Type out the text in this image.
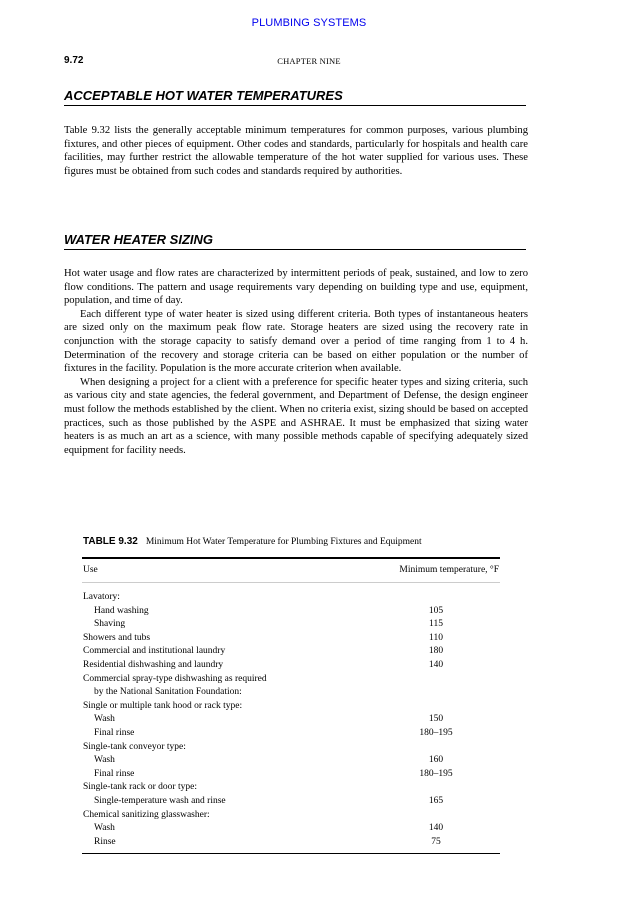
PLUMBING SYSTEMS
9.72	CHAPTER NINE
ACCEPTABLE HOT WATER TEMPERATURES

Table 9.32 lists the generally acceptable minimum temperatures for common purposes, various plumbing fixtures, and other pieces of equipment. Other codes and standards, particularly for hospitals and health care facilities, may further restrict the allowable temperature of the hot water supplied for various uses. These figures must be obtained from such codes and standards required by authorities.

WATER HEATER SIZING

Hot water usage and flow rates are characterized by intermittent periods of peak, sustained, and low to zero flow conditions. The pattern and usage requirements vary depending on building type and use, equipment, population, and time of day.

Each different type of water heater is sized using different criteria. Both types of instantaneous heaters are sized only on the maximum peak flow rate. Storage heaters are sized using the recovery rate in conjunction with the storage capacity to satisfy demand over a period of time ranging from 1 to 4 h. Determination of the recovery and storage criteria can be based on either population or the number of fixtures in the facility. Population is the more accurate criterion when available.

When designing a project for a client with a preference for specific heater types and sizing criteria, such as various city and state agencies, the federal government, and Department of Defense, the design engineer must follow the methods established by the client. When no criteria exist, sizing should be based on accepted practices, such as those published by the ASPE and ASHRAE. It must be emphasized that sizing water heaters is as much an art as a science, with many possible methods capable of specifying adequately sized equipment for facility needs.

TABLE 9.32 Minimum Hot Water Temperature for Plumbing Fixtures and Equipment
Use	Minimum temperature, °F
Lavatory:
Hand washing	105
Shaving	115
Showers and tubs	110
Commercial and institutional laundry	180
Residential dishwashing and laundry	140
Commercial spray-type dishwashing as required
by the National Sanitation Foundation:
Single or multiple tank hood or rack type:
Wash	150
Final rinse	180–195
Single-tank conveyor type:
Wash	160
Final rinse	180–195
Single-tank rack or door type:
Single-temperature wash and rinse	165
Chemical sanitizing glasswasher:
Wash	140
Rinse	75
